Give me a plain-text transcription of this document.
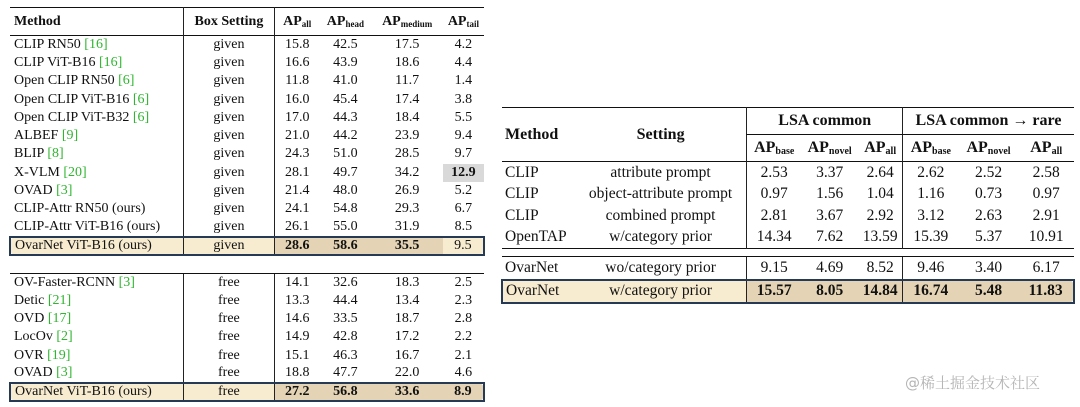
Method	Box Setting	$AP_{all}$	$AP_{head}$	$AP_{medium}$	$AP_{tail}$
CLIP RN50 [16]	given	15.8	42.5	17.5	4.2
CLIP ViT-B16 [16]	given	16.6	43.9	18.6	4.4
Open CLIP RN50 [6]	given	11.8	41.0	11.7	1.4
Open CLIP ViT-B16 [6]	given	16.0	45.4	17.4	3.8
Open CLIP ViT-B32 [6]	given	17.0	44.3	18.4	5.5
ALBEF [9]	given	21.0	44.2	23.9	9.4
BLIP [8]	given	24.3	51.0	28.5	9.7
X-VLM [20]	given	28.1	49.7	34.2	12.9
OVAD [3]	given	21.4	48.0	26.9	5.2
CLIP-Attr RN50 (ours)	given	24.1	54.8	29.3	6.7
CLIP-Attr ViT-B16 (ours)	given	26.1	55.0	31.9	8.5
OvarNet ViT-B16 (ours)	given	28.6	58.6	35.5	9.5

OV-Faster-RCNN [3]	free	14.1	32.6	18.3	2.5
Detic [21]	free	13.3	44.4	13.4	2.3
OVD [17]	free	14.6	33.5	18.7	2.8
LocOv [2]	free	14.9	42.8	17.2	2.2
OVR [19]	free	15.1	46.3	16.7	2.1
OVAD [3]	free	18.8	47.7	22.0	4.6
OvarNet ViT-B16 (ours)	free	27.2	56.8	33.6	8.9
Method	Setting	LSA common			LSA common → rare		
		$AP_{base}$	$AP_{novel}$	$AP_{all}$	$AP_{base}$	$AP_{novel}$	$AP_{all}$
CLIP	attribute prompt	2.53	3.37	2.64	2.62	2.52	2.58
CLIP	object-attribute prompt	0.97	1.56	1.04	1.16	0.73	0.97
CLIP	combined prompt	2.81	3.67	2.92	3.12	2.63	2.91
OpenTAP	w/category prior	14.34	7.62	13.59	15.39	5.37	10.91

OvarNet	wo/category prior	9.15	4.69	8.52	9.46	3.40	6.17
OvarNet	w/category prior	15.57	8.05	14.84	16.74	5.48	11.83
@稀土掘金技术社区
